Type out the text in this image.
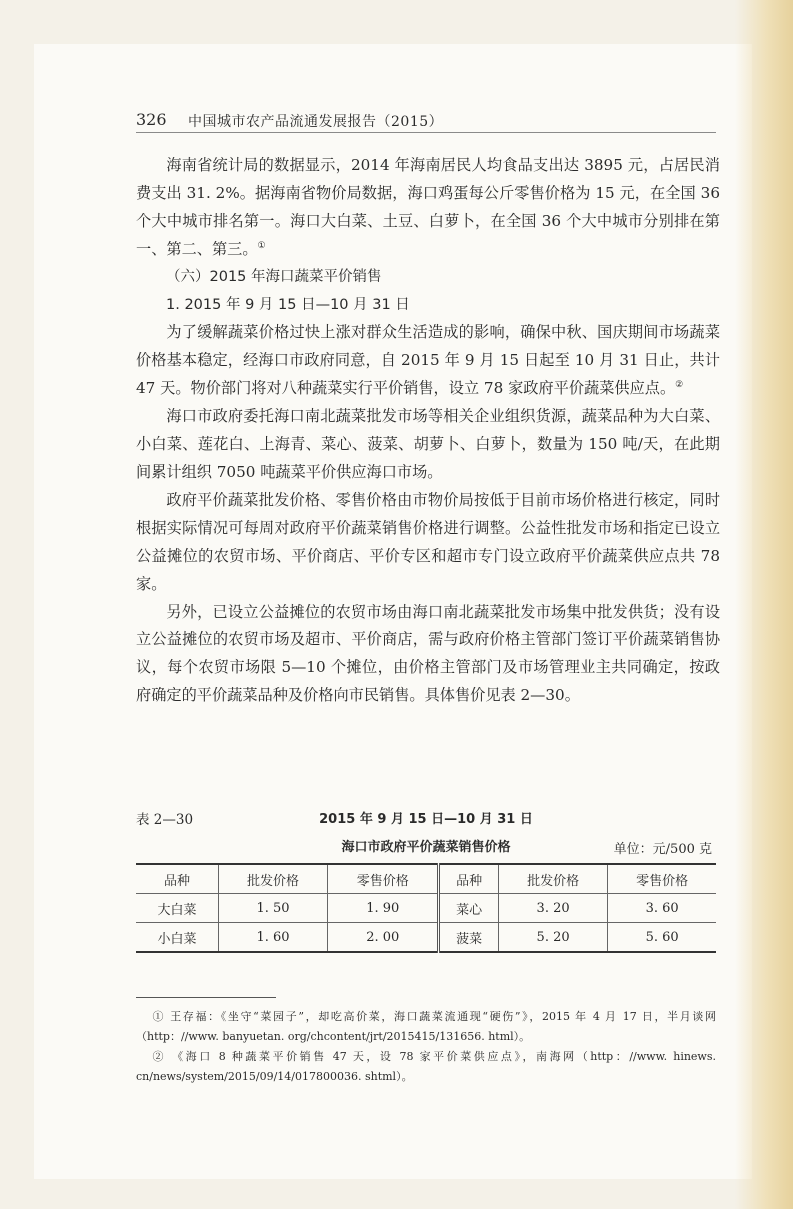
326 中国城市农产品流通发展报告（2015）

海南省统计局的数据显示，2014 年海南居民人均食品支出达 3895 元，占居民消费支出 31. 2%。据海南省物价局数据，海口鸡蛋每公斤零售价格为 15 元，在全国 36 个大中城市排名第一。海口大白菜、土豆、白萝卜，在全国 36 个大中城市分别排在第一、第二、第三。①

（六）2015 年海口蔬菜平价销售

1. 2015 年 9 月 15 日—10 月 31 日

为了缓解蔬菜价格过快上涨对群众生活造成的影响，确保中秋、国庆期间市场蔬菜价格基本稳定，经海口市政府同意，自 2015 年 9 月 15 日起至 10 月 31 日止，共计 47 天。物价部门将对八种蔬菜实行平价销售，设立 78 家政府平价蔬菜供应点。②

海口市政府委托海口南北蔬菜批发市场等相关企业组织货源，蔬菜品种为大白菜、小白菜、莲花白、上海青、菜心、菠菜、胡萝卜、白萝卜，数量为 150 吨/天，在此期间累计组织 7050 吨蔬菜平价供应海口市场。

政府平价蔬菜批发价格、零售价格由市物价局按低于目前市场价格进行核定，同时根据实际情况可每周对政府平价蔬菜销售价格进行调整。公益性批发市场和指定已设立公益摊位的农贸市场、平价商店、平价专区和超市专门设立政府平价蔬菜供应点共 78 家。

另外，已设立公益摊位的农贸市场由海口南北蔬菜批发市场集中批发供货；没有设立公益摊位的农贸市场及超市、平价商店，需与政府价格主管部门签订平价蔬菜销售协议，每个农贸市场限 5—10 个摊位，由价格主管部门及市场管理业主共同确定，按政府确定的平价蔬菜品种及价格向市民销售。具体售价见表 2—30。

表 2—30	2015 年 9 月 15 日—10 月 31 日
海口市政府平价蔬菜销售价格	单位：元/500 克
品种	批发价格	零售价格	品种	批发价格	零售价格
大白菜	1. 50	1. 90	菜心	3. 20	3. 60
小白菜	1. 60	2. 00	菠菜	5. 20	5. 60

① 王存福：《坐守“菜园子”，却吃高价菜，海口蔬菜流通现“硬伤”》，2015 年 4 月 17 日，半月谈网（http：//www. banyuetan. org/chcontent/jrt/2015415/131656. html）。

② 《海口 8 种蔬菜平价销售 47 天，设 78 家平价菜供应点》，南海网（http：//www. hinews. cn/news/system/2015/09/14/017800036. shtml）。
